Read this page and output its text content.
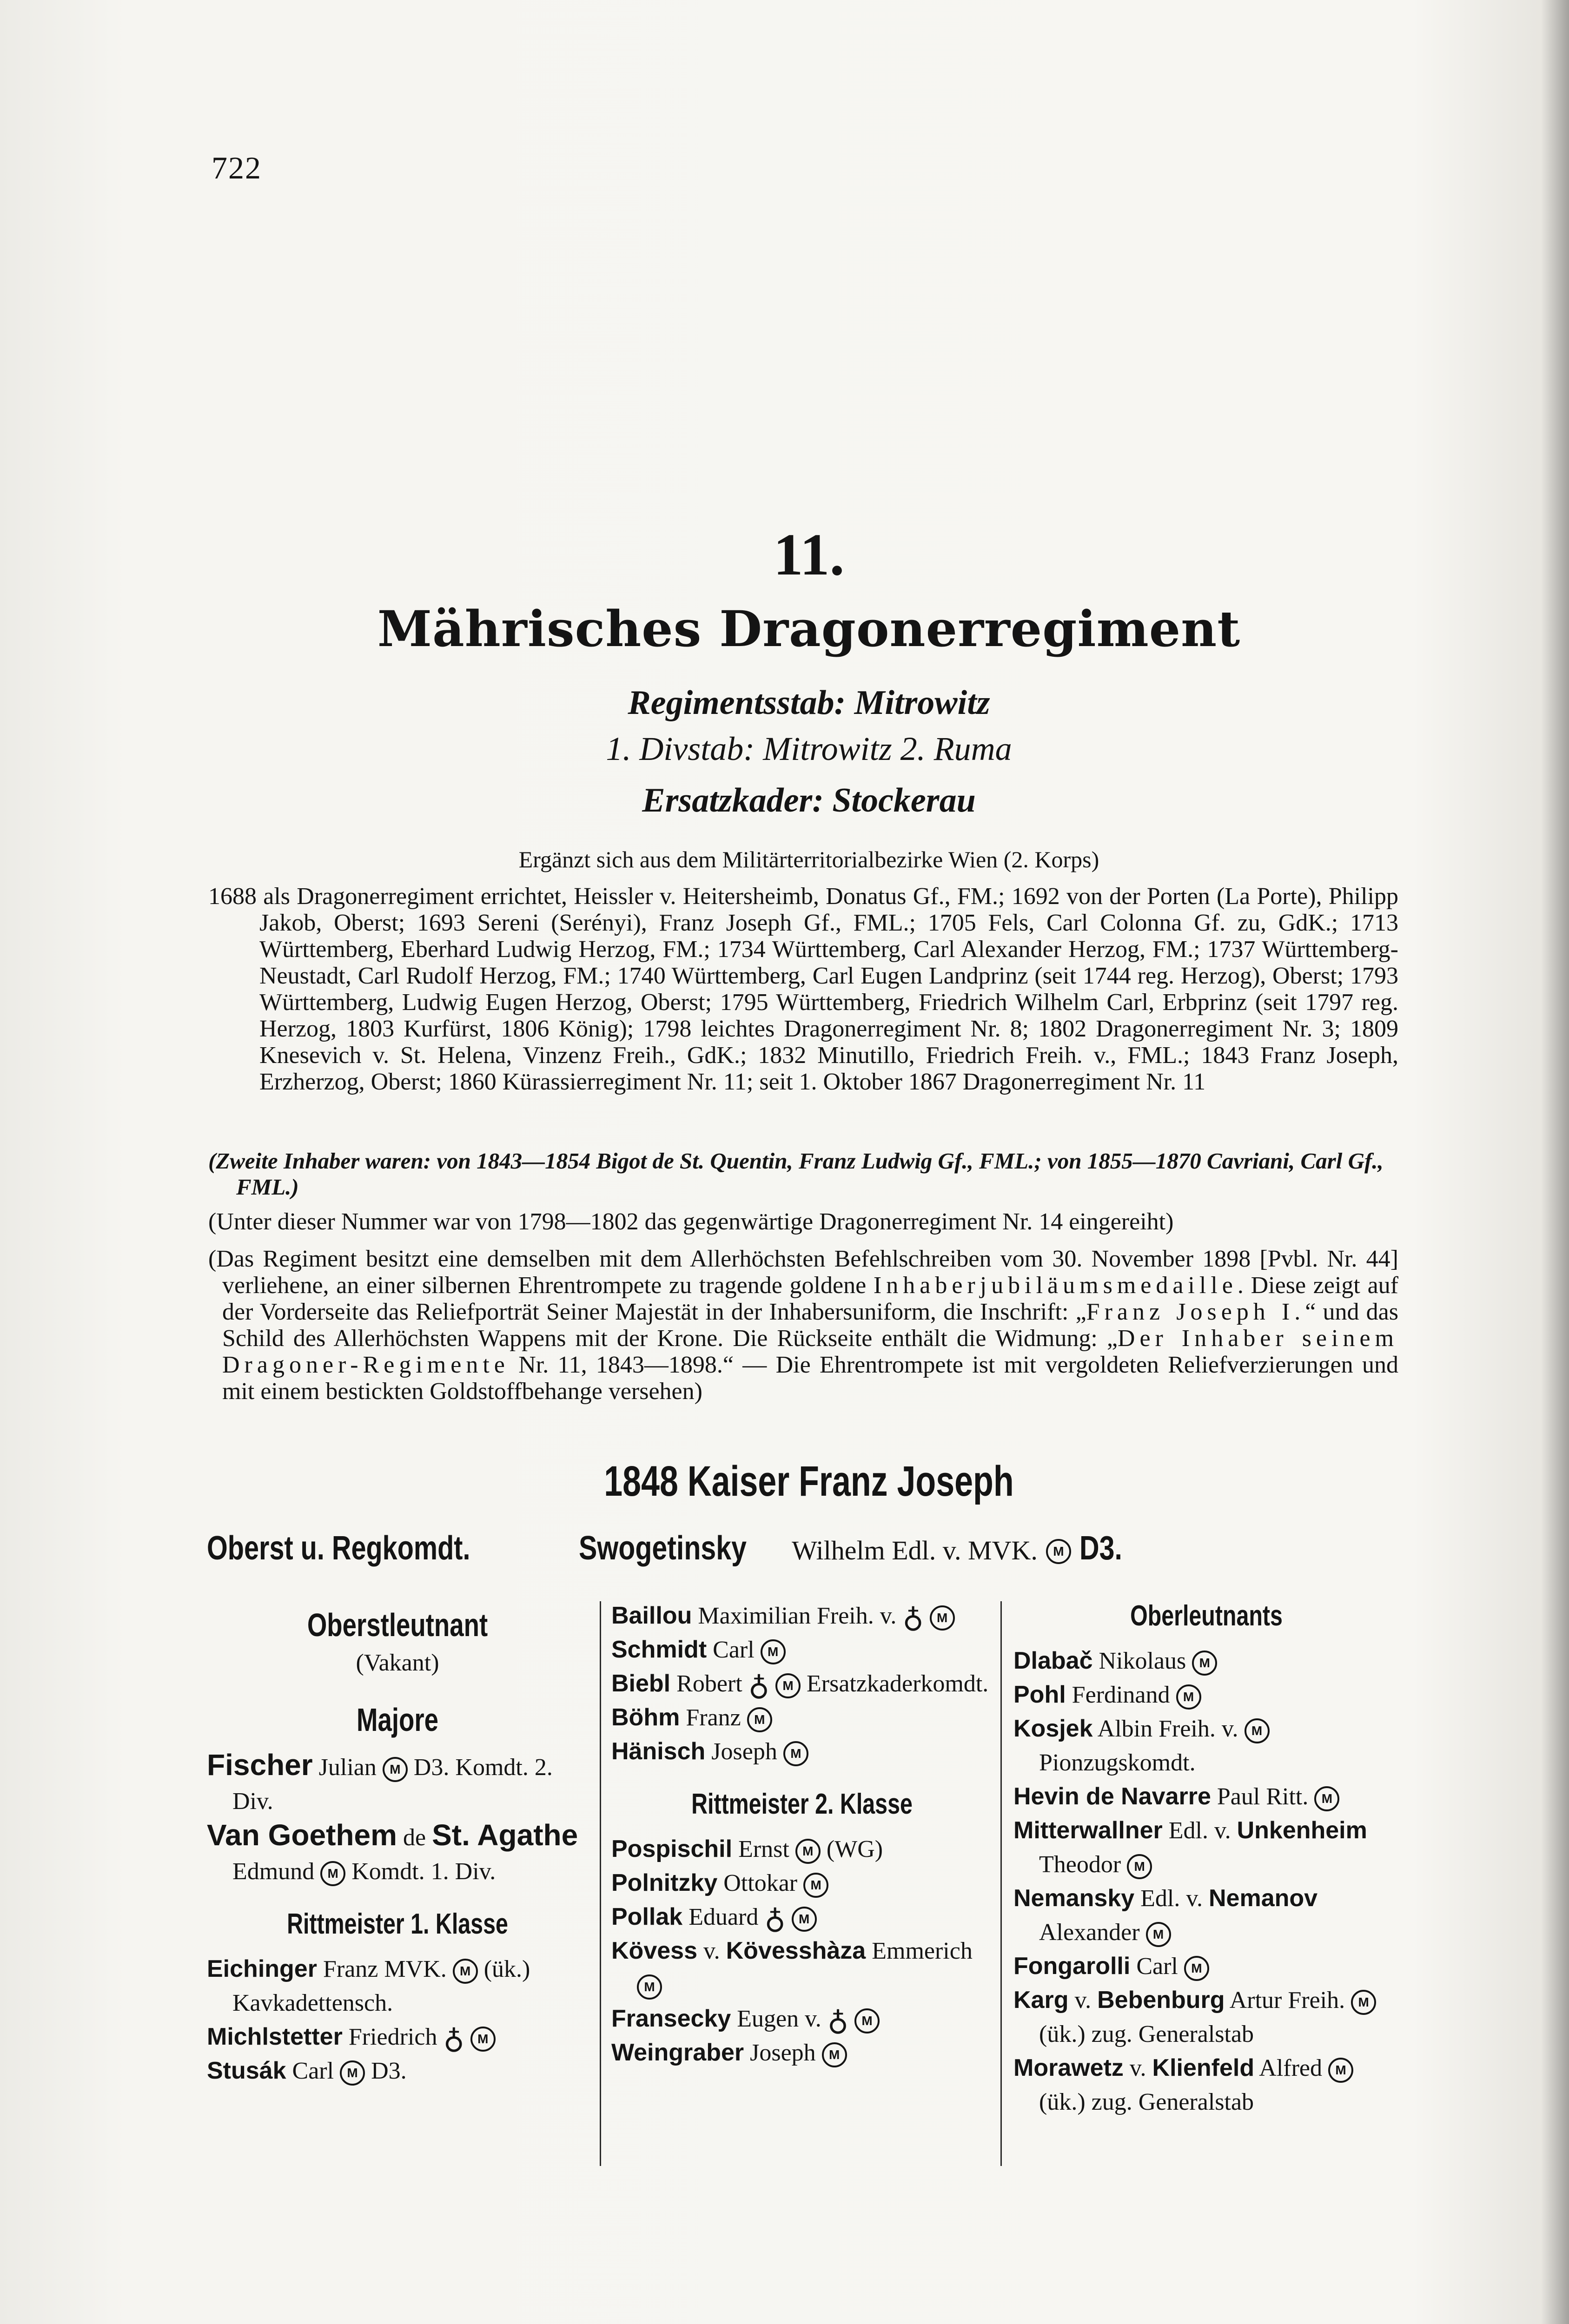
722
11.
Mährisches Dragonerregiment
Regimentsstab: Mitrowitz
1. Divstab: Mitrowitz 2. Ruma
Ersatzkader: Stockerau
Ergänzt sich aus dem Militärterritorialbezirke Wien (2. Korps)

1688 als Dragonerregiment errichtet, Heissler v. Heitersheimb, Donatus Gf., FM.; 1692 von der Porten (La Porte), Philipp Jakob, Oberst; 1693 Sereni (Serényi), Franz Joseph Gf., FML.; 1705 Fels, Carl Colonna Gf. zu, GdK.; 1713 Württemberg, Eberhard Ludwig Herzog, FM.; 1734 Württemberg, Carl Alexander Herzog, FM.; 1737 Württemberg-Neustadt, Carl Rudolf Herzog, FM.; 1740 Württemberg, Carl Eugen Landprinz (seit 1744 reg. Herzog), Oberst; 1793 Württemberg, Ludwig Eugen Herzog, Oberst; 1795 Württemberg, Friedrich Wilhelm Carl, Erbprinz (seit 1797 reg. Herzog, 1803 Kurfürst, 1806 König); 1798 leichtes Dragonerregiment Nr. 8; 1802 Dragonerregiment Nr. 3; 1809 Knesevich v. St. Helena, Vinzenz Freih., GdK.; 1832 Minutillo, Friedrich Freih. v., FML.; 1843 Franz Joseph, Erzherzog, Oberst; 1860 Kürassierregiment Nr. 11; seit 1. Oktober 1867 Dragonerregiment Nr. 11

(Zweite Inhaber waren: von 1843—1854 Bigot de St. Quentin, Franz Ludwig Gf., FML.; von 1855—1870 Cavriani, Carl Gf., FML.)
(Unter dieser Nummer war von 1798—1802 das gegenwärtige Dragonerregiment Nr. 14 eingereiht)
(Das Regiment besitzt eine demselben mit dem Allerhöchsten Befehlschreiben vom 30. November 1898 [Pvbl. Nr. 44] verliehene, an einer silbernen Ehrentrompete zu tragende goldene Inhaberjubiläumsmedaille. Diese zeigt auf der Vorderseite das Reliefporträt Seiner Majestät in der Inhabersuniform, die Inschrift: „Franz Joseph I.“ und das Schild des Allerhöchsten Wappens mit der Krone. Die Rückseite enthält die Widmung: „Der Inhaber seinem Dragoner-Regimente Nr. 11, 1843—1898.“ — Die Ehrentrompete ist mit vergoldeten Reliefverzierungen und mit einem bestickten Goldstoffbehange versehen)
1848 Kaiser Franz Joseph
Oberst u. Regkomdt.	Swogetinsky Wilhelm Edl. v. MVK. M D3.
Oberstleutnant
(Vakant)
Majore

Fischer Julian M D3. Komdt. 2. Div.

Van Goethem de St. Agathe
Edmund M Komdt. 1. Div.

Rittmeister 1. Klasse

Eichinger Franz MVK. M (ük.) Kavkadettensch.

Michlstetter Friedrich ♁ M

Stusák Carl M D3.

Baillou Maximilian Freih. v. ♁ M

Schmidt Carl M

Biebl Robert ♁ M Ersatzkaderkomdt.

Böhm Franz M

Hänisch Joseph M

Rittmeister 2. Klasse

Pospischil Ernst M (WG)

Polnitzky Ottokar M

Pollak Eduard ♁ M

Kövess v. Kövesshàza Emmerich M

Fransecky Eugen v. ♁ M

Weingraber Joseph M

Oberleutnants

Dlabač Nikolaus M

Pohl Ferdinand M

Kosjek Albin Freih. v. M Pionzugskomdt.

Hevin de Navarre Paul Ritt. M

Mitterwallner Edl. v. Unkenheim Theodor M

Nemansky Edl. v. Nemanov Alexander M

Fongarolli Carl M

Karg v. Bebenburg Artur Freih. M (ük.) zug. Generalstab

Morawetz v. Klienfeld Alfred M (ük.) zug. Generalstab
